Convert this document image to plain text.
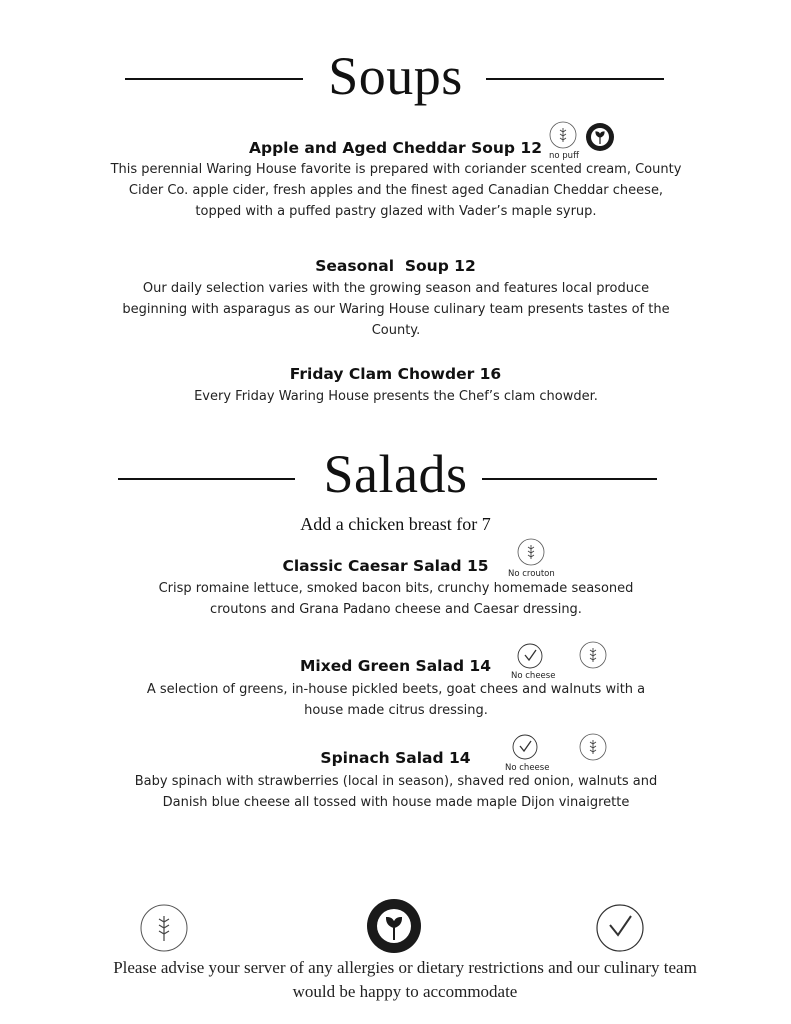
Soups
Apple and Aged Cheddar Soup 12 no puff
This perennial Waring House favorite is prepared with coriander scented cream, County Cider Co. apple cider, fresh apples and the finest aged Canadian Cheddar cheese, topped with a puffed pastry glazed with Vader’s maple syrup.
Seasonal  Soup 12
Our daily selection varies with the growing season and features local produce beginning with asparagus as our Waring House culinary team presents tastes of the County.
Friday Clam Chowder 16
Every Friday Waring House presents the Chef’s clam chowder.
Salads
Add a chicken breast for 7
Classic Caesar Salad 15	No crouton
Crisp romaine lettuce, smoked bacon bits, crunchy homemade seasoned croutons and Grana Padano cheese and Caesar dressing.
Mixed Green Salad 14
No cheese
A selection of greens, in-house pickled beets, goat chees and walnuts with a house made citrus dressing.
Spinach Salad 14
No cheese
Baby spinach with strawberries (local in season), shaved red onion, walnuts and Danish blue cheese all tossed with house made maple Dijon vinaigrette
Please advise your server of any allergies or dietary restrictions and our culinary team would be happy to accommodate
